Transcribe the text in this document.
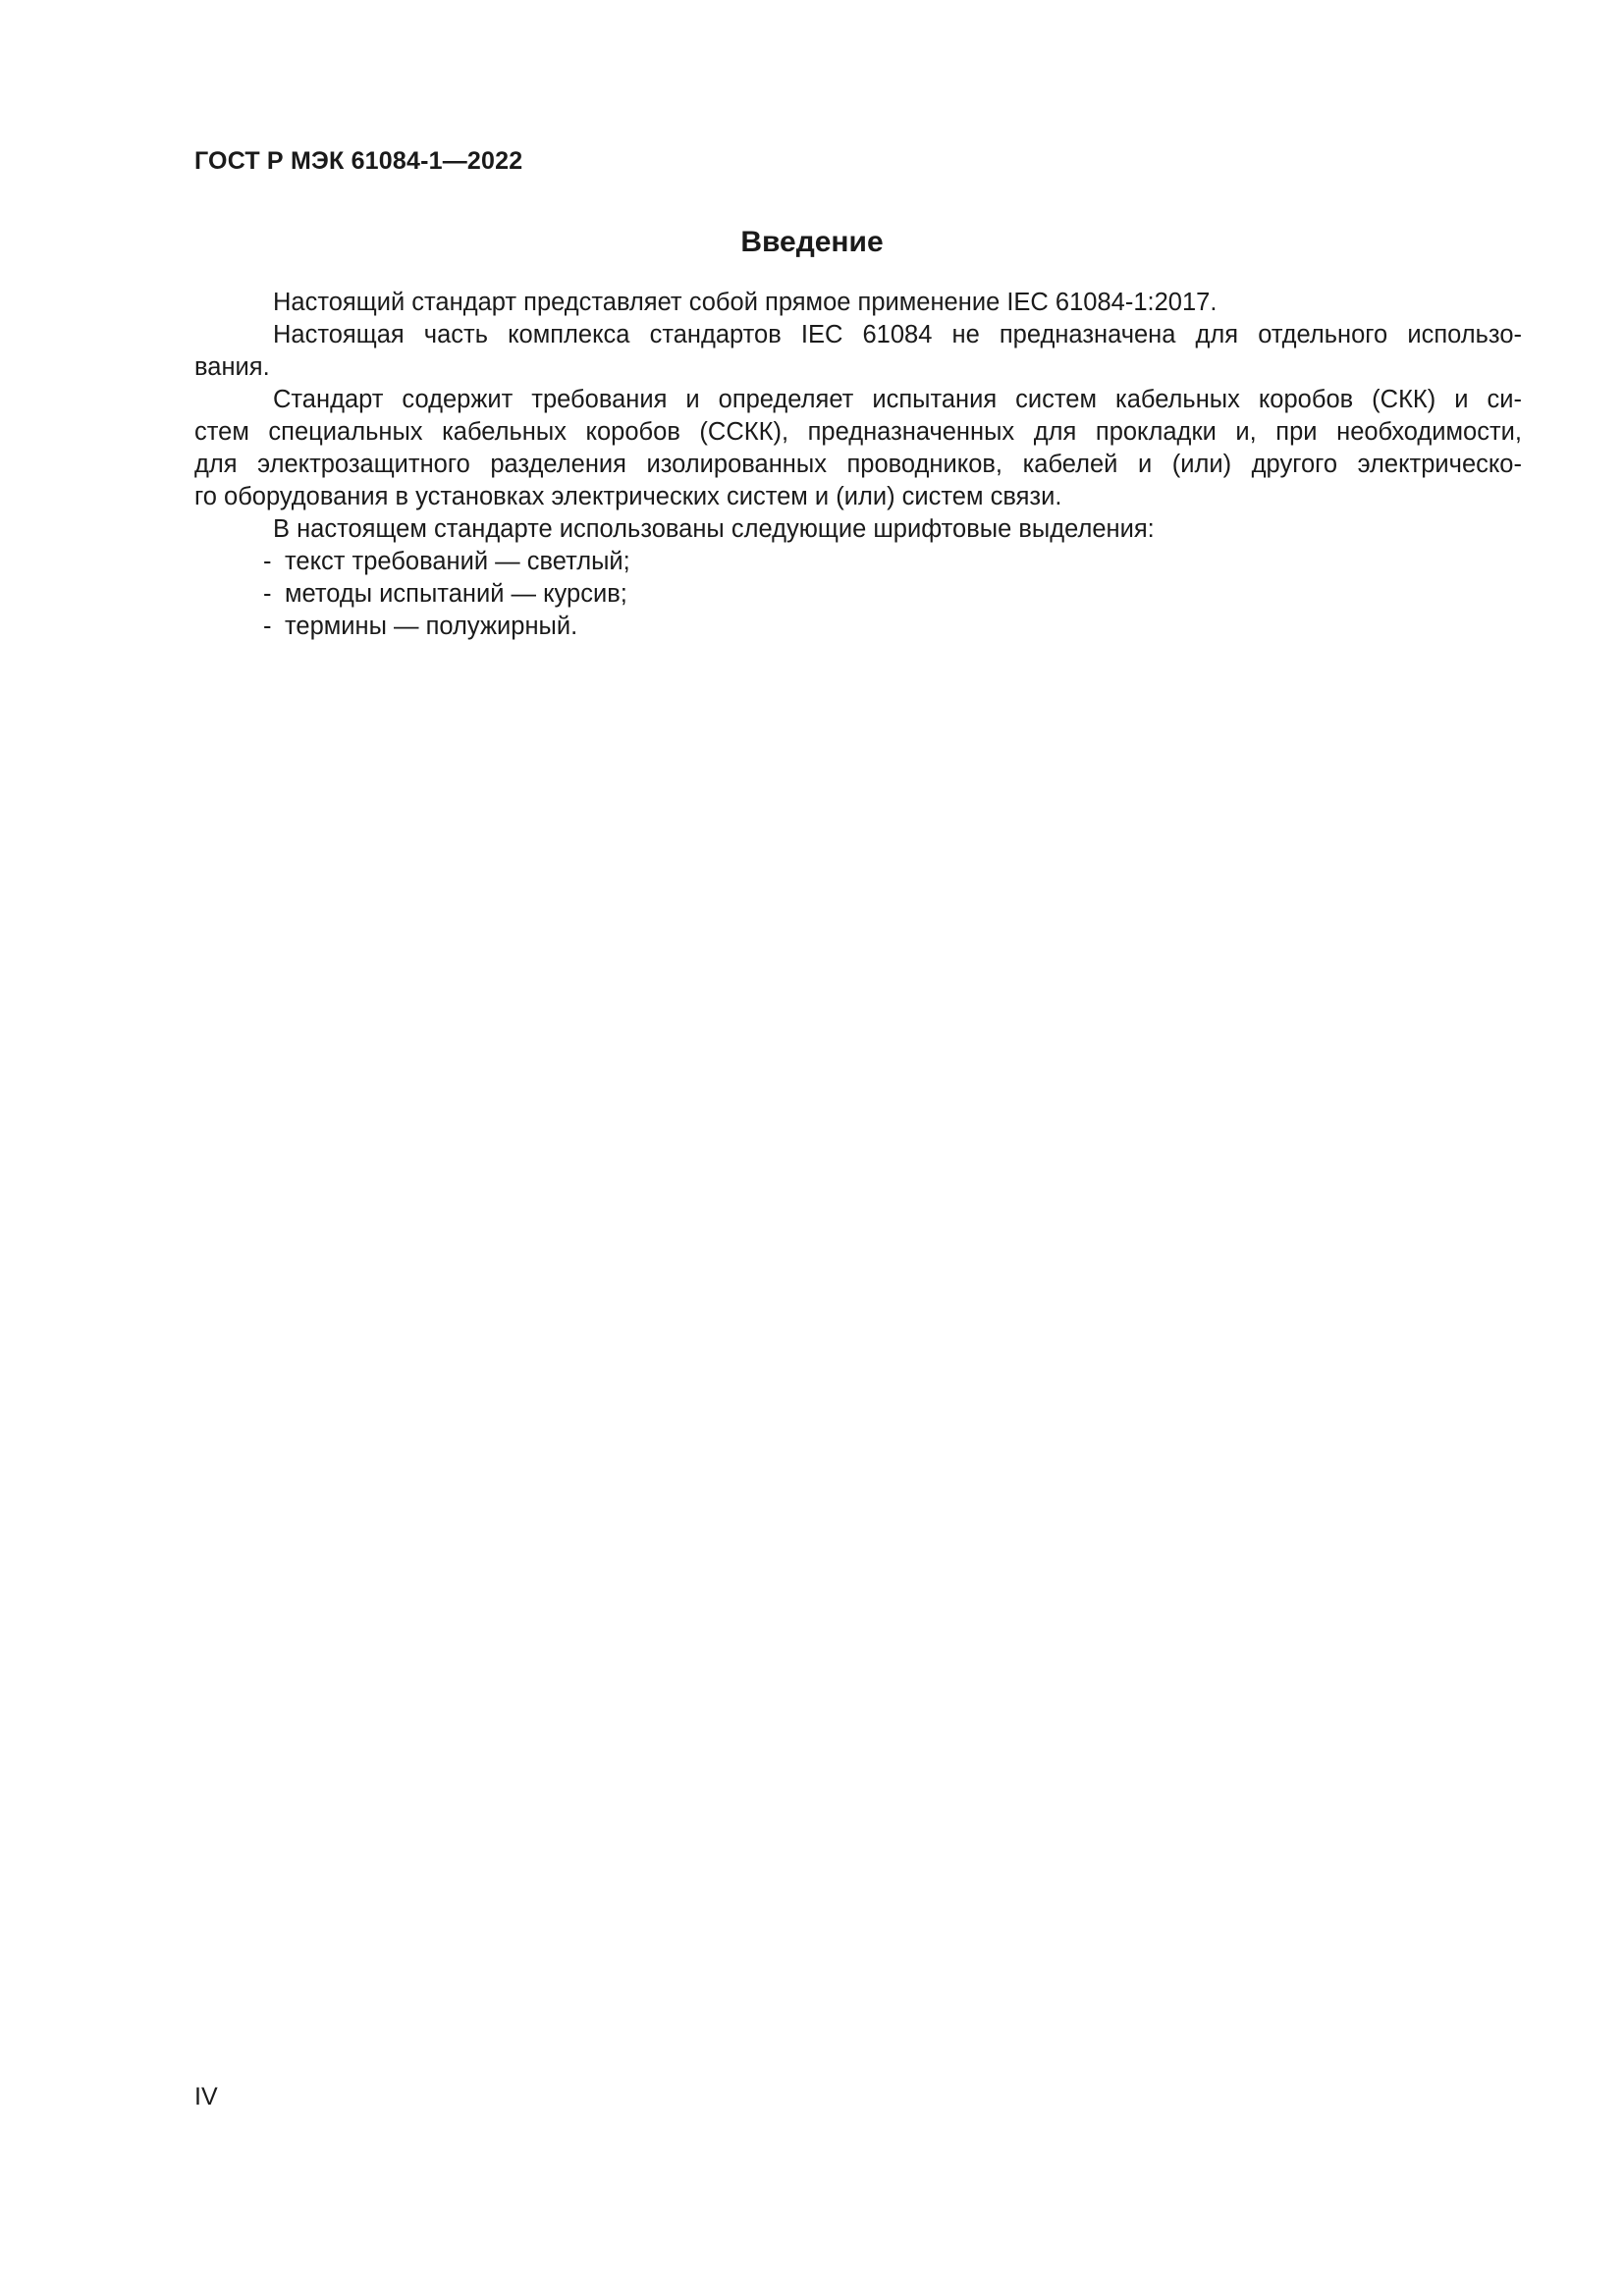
ГОСТ Р МЭК 61084-1—2022
Введение

Настоящий стандарт представляет собой прямое применение IEC 61084-1:2017.

Настоящая часть комплекса стандартов IEC 61084 не предназначена для отдельного использо-
вания.

Стандарт содержит требования и определяет испытания систем кабельных коробов (СКК) и си-
стем специальных кабельных коробов (ССКК), предназначенных для прокладки и, при необходимости,
для электрозащитного разделения изолированных проводников, кабелей и (или) другого электрическо-
го оборудования в установках электрических систем и (или) систем связи.

В настоящем стандарте использованы следующие шрифтовые выделения:

- текст требований — светлый;
- методы испытаний — курсив;
- термины — полужирный.
IV
